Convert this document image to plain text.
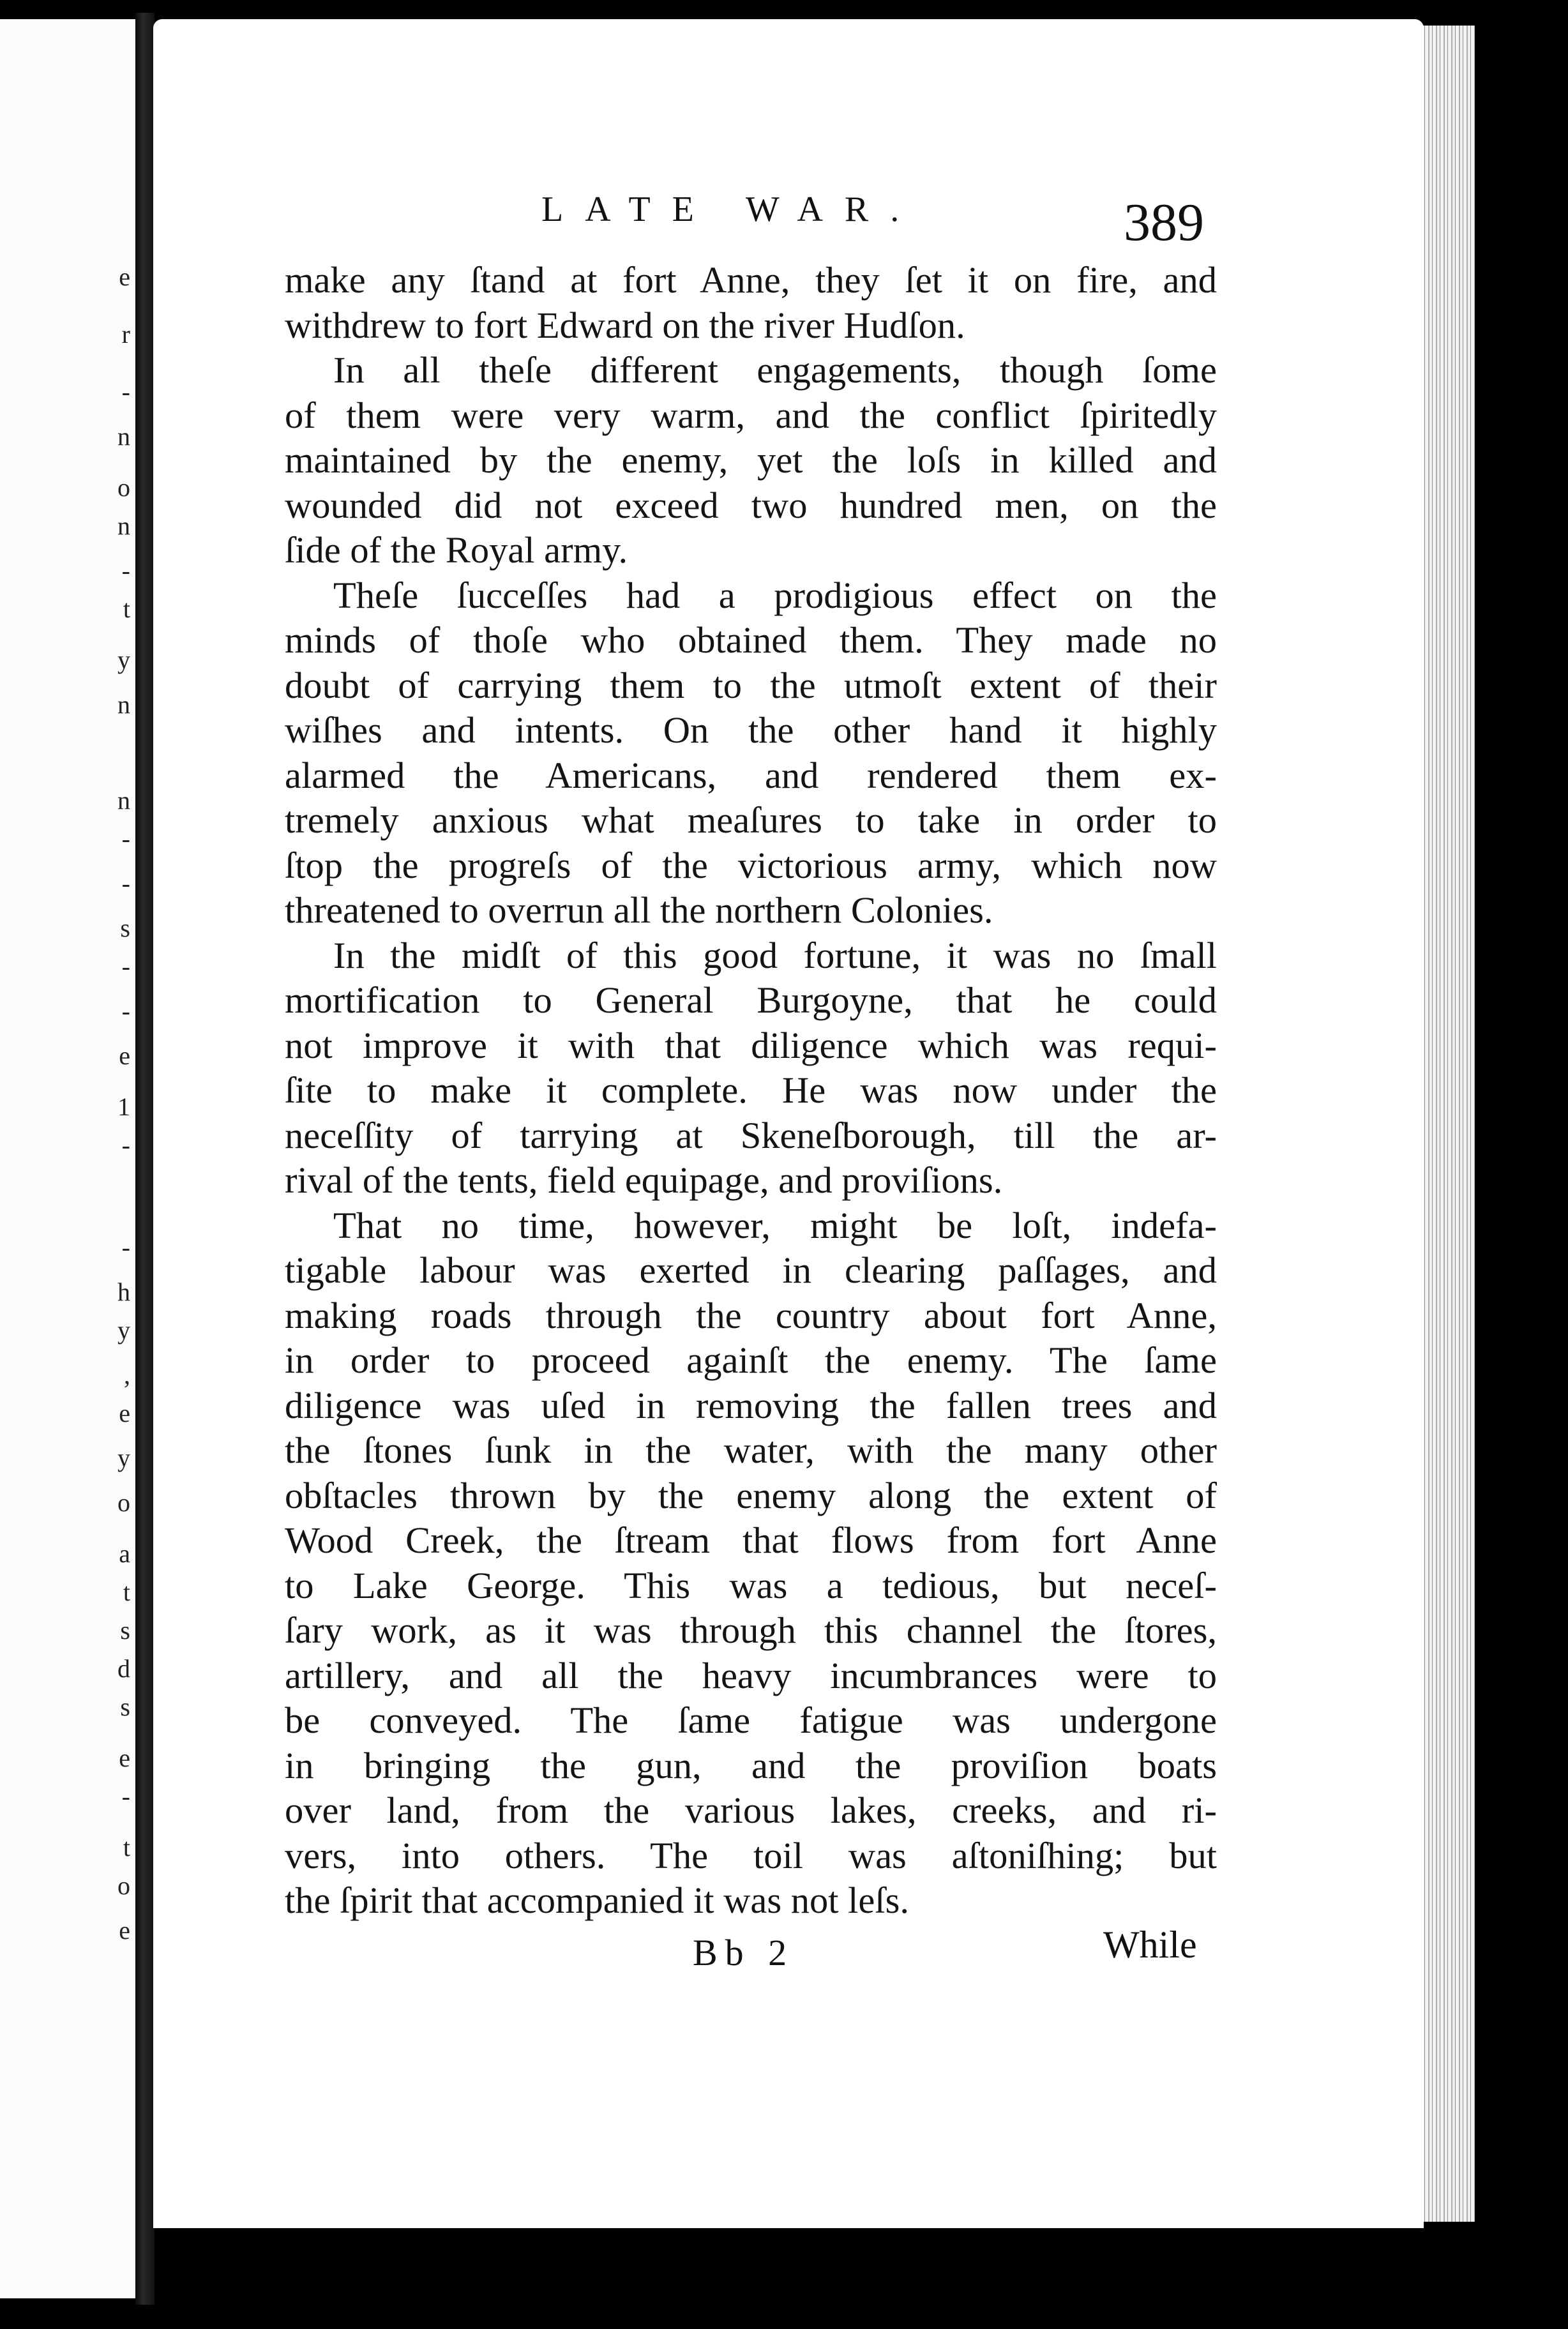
e
r
-
n
o
n
-
t
y
n
n
-
-
s
-
-
e
1
-
-
h
y
,
e
y
o
a
t
s
d
s
e
-
t
o
e
LATE WAR.	389
make any ſtand at fort Anne, they ſet it on fire, and
withdrew to fort Edward on the river Hudſon.
In all theſe different engagements, though ſome
of them were very warm, and the conflict ſpiritedly
maintained by the enemy, yet the loſs in killed and
wounded did not exceed two hundred men, on the
ſide of the Royal army.
Theſe ſucceſſes had a prodigious effect on the
minds of thoſe who obtained them. They made no
doubt of carrying them to the utmoſt extent of their
wiſhes and intents. On the other hand it highly
alarmed the Americans, and rendered them ex-
tremely anxious what meaſures to take in order to
ſtop the progreſs of the victorious army, which now
threatened to overrun all the northern Colonies.
In the midſt of this good fortune, it was no ſmall
mortification to General Burgoyne, that he could
not improve it with that diligence which was requi-
ſite to make it complete. He was now under the
neceſſity of tarrying at Skeneſborough, till the ar-
rival of the tents, field equipage, and proviſions.
That no time, however, might be loſt, indefa-
tigable labour was exerted in clearing paſſages, and
making roads through the country about fort Anne,
in order to proceed againſt the enemy. The ſame
diligence was uſed in removing the fallen trees and
the ſtones ſunk in the water, with the many other
obſtacles thrown by the enemy along the extent of
Wood Creek, the ſtream that flows from fort Anne
to Lake George. This was a tedious, but neceſ-
ſary work, as it was through this channel the ſtores,
artillery, and all the heavy incumbrances were to
be conveyed. The ſame fatigue was undergone
in bringing the gun, and the proviſion boats
over land, from the various lakes, creeks, and ri-
vers, into others. The toil was aſtoniſhing; but
the ſpirit that accompanied it was not leſs.
Bb 2	While
